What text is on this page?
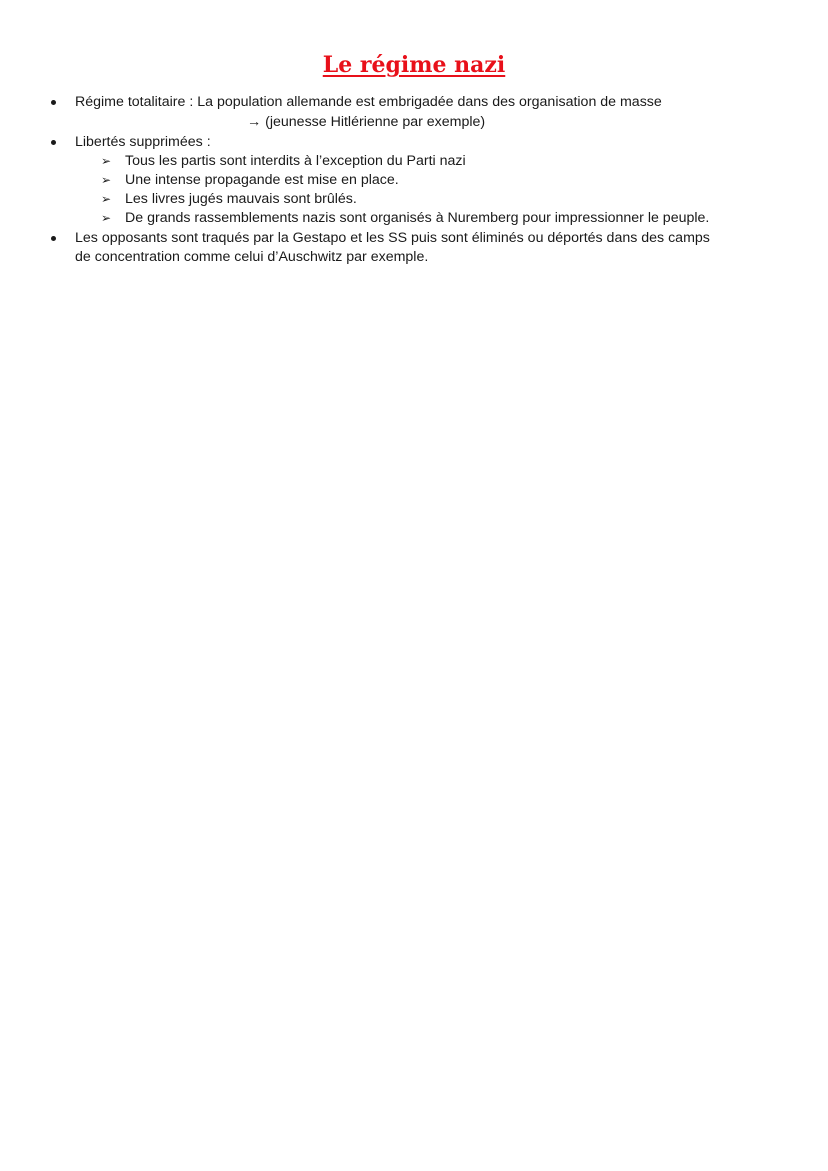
Le régime nazi
Régime totalitaire : La population allemande est embrigadée dans des organisation de masse
→ (jeunesse Hitlérienne par exemple)
Libertés supprimées :
➢ Tous les partis sont interdits à l’exception du Parti nazi
➢ Une intense propagande est mise en place.
➢ Les livres jugés mauvais sont brûlés.
➢ De grands rassemblements nazis sont organisés à Nuremberg pour impressionner le peuple.
Les opposants sont traqués par la Gestapo et les SS puis sont éliminés ou déportés dans des camps
de concentration comme celui d’Auschwitz par exemple.
